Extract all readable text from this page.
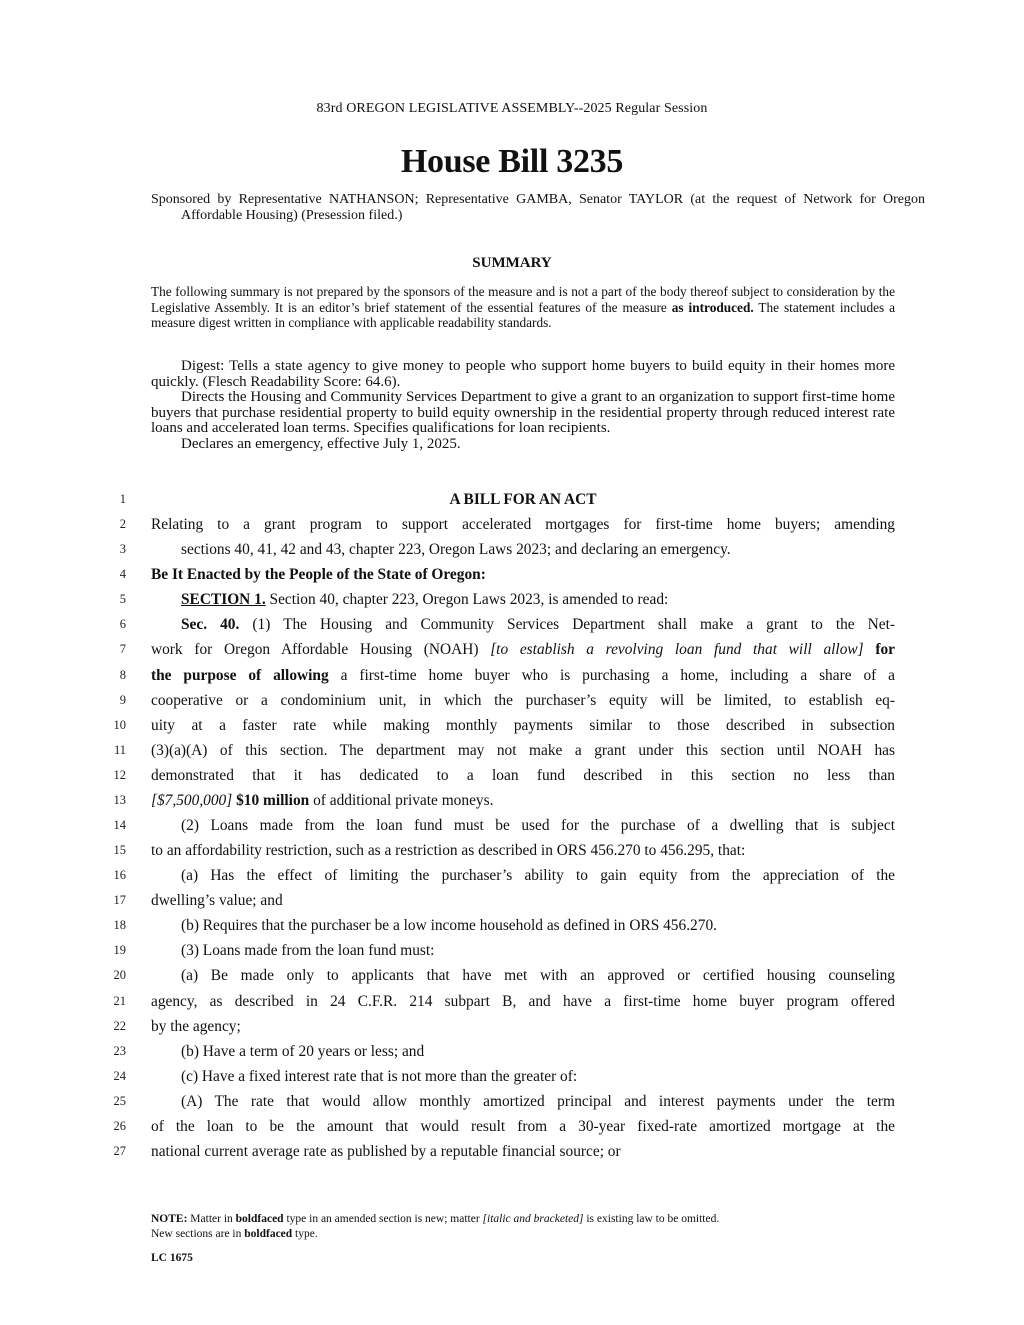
83rd OREGON LEGISLATIVE ASSEMBLY--2025 Regular Session
House Bill 3235
Sponsored by Representative NATHANSON; Representative GAMBA, Senator TAYLOR (at the request of Network for Oregon Affordable Housing) (Presession filed.)
SUMMARY
The following summary is not prepared by the sponsors of the measure and is not a part of the body thereof subject to consideration by the Legislative Assembly. It is an editor’s brief statement of the essential features of the measure as introduced. The statement includes a measure digest written in compliance with applicable readability standards.

Digest: Tells a state agency to give money to people who support home buyers to build equity in their homes more quickly. (Flesch Readability Score: 64.6).

Directs the Housing and Community Services Department to give a grant to an organization to support first-time home buyers that purchase residential property to build equity ownership in the residential property through reduced interest rate loans and accelerated loan terms. Specifies qualifications for loan recipients.

Declares an emergency, effective July 1, 2025.

1	A BILL FOR AN ACT
2 Relating to a grant program to support accelerated mortgages for first-time home buyers; amending
3	sections 40, 41, 42 and 43, chapter 223, Oregon Laws 2023; and declaring an emergency.
4 Be It Enacted by the People of the State of Oregon:
5	SECTION 1. Section 40, chapter 223, Oregon Laws 2023, is amended to read:
6	Sec. 40. (1) The Housing and Community Services Department shall make a grant to the Net-
7 work for Oregon Affordable Housing (NOAH) [to establish a revolving loan fund that will allow] for
8 the purpose of allowing a first-time home buyer who is purchasing a home, including a share of a
9 cooperative or a condominium unit, in which the purchaser’s equity will be limited, to establish eq-
10 uity at a faster rate while making monthly payments similar to those described in subsection
11 (3)(a)(A) of this section. The department may not make a grant under this section until NOAH has
12 demonstrated that it has dedicated to a loan fund described in this section no less than
13 [$7,500,000] $10 million of additional private moneys.
14	(2) Loans made from the loan fund must be used for the purchase of a dwelling that is subject
15 to an affordability restriction, such as a restriction as described in ORS 456.270 to 456.295, that:
16	(a) Has the effect of limiting the purchaser’s ability to gain equity from the appreciation of the
17 dwelling’s value; and
18	(b) Requires that the purchaser be a low income household as defined in ORS 456.270.
19	(3) Loans made from the loan fund must:
20	(a) Be made only to applicants that have met with an approved or certified housing counseling
21 agency, as described in 24 C.F.R. 214 subpart B, and have a first-time home buyer program offered
22 by the agency;
23	(b) Have a term of 20 years or less; and
24	(c) Have a fixed interest rate that is not more than the greater of:
25	(A) The rate that would allow monthly amortized principal and interest payments under the term
26 of the loan to be the amount that would result from a 30-year fixed-rate amortized mortgage at the
27 national current average rate as published by a reputable financial source; or
NOTE: Matter in boldfaced type in an amended section is new; matter [italic and bracketed] is existing law to be omitted.
New sections are in boldfaced type.
LC 1675
